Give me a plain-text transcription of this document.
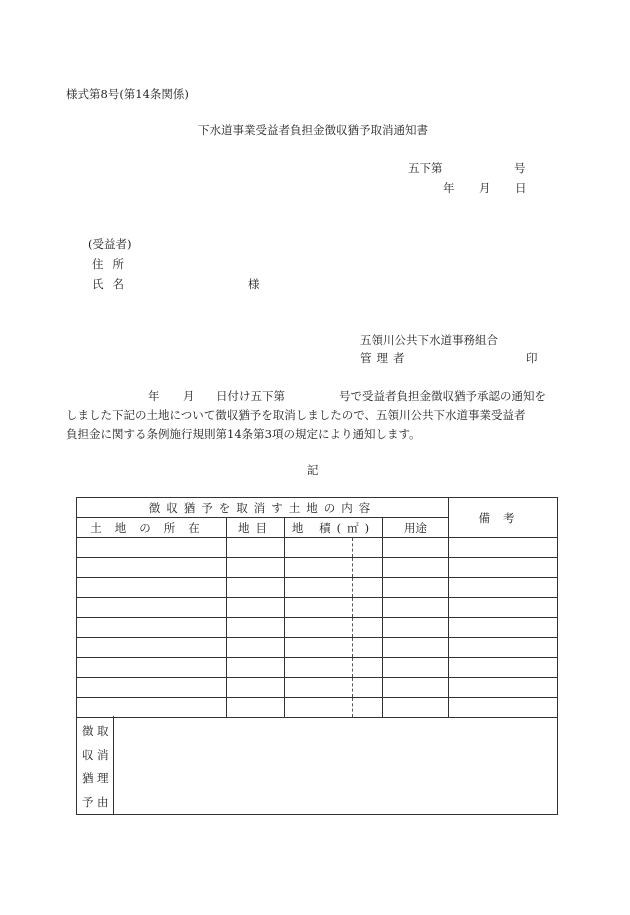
様式第8号(第14条関係)
下水道事業受益者負担金徴収猶予取消通知書
五下第	号
年 月 日
(受益者)
住所
氏名	様
五領川公共下水道事務組合
管理者	印
年 月 日付け五下第	号で受益者負担金徴収猶予承認の通知を
しました下記の土地について徴収猶予を取消しましたので、五領川公共下水道事業受益者
負担金に関する条例施行規則第14条第3項の規定により通知します。
記
徴収猶予を取消す土地の内容					備考
土地の所在	地目	地 積(㎡)		用途	

徴 取
収 消
猶 理
予 由
